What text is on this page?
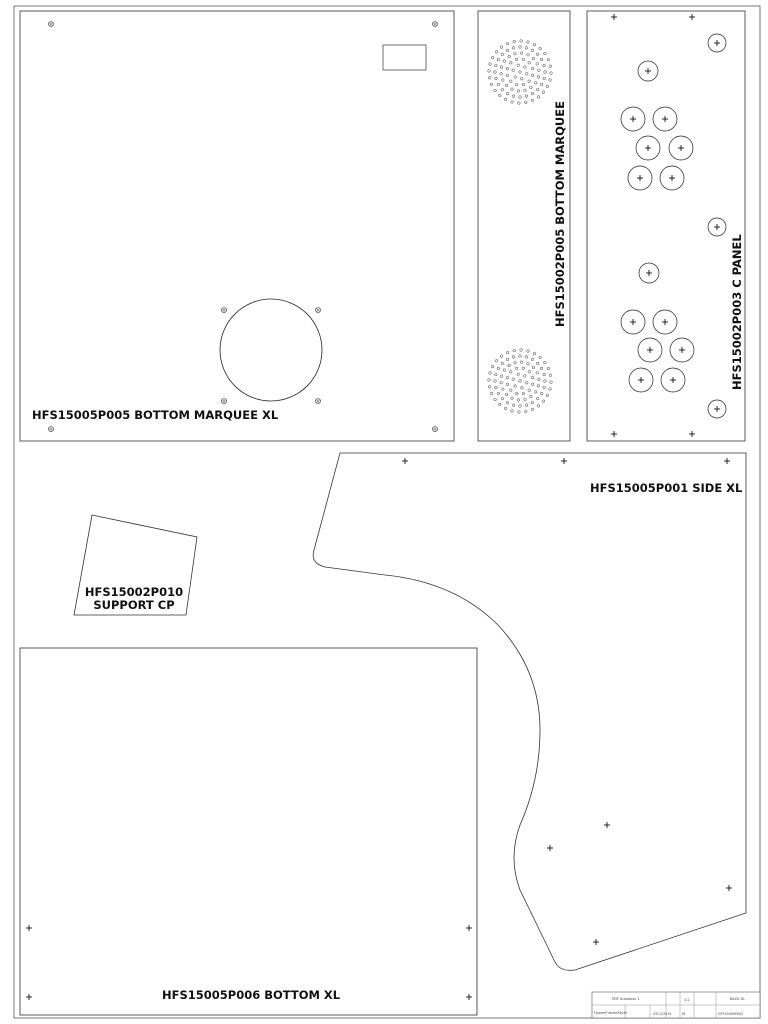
HFS15005P005 BOTTOM MARQUEE XL
HFS15002P005 BOTTOM MARQUEE	HFS15002P003 C PANEL
HFS15005P001 SIDE XL
HFS15002P010
SUPPORT CP
HFS15005P006 BOTTOM XL	PDF Autodesk 1	1:2	BACK XL
HyperFrameStyle	03/11/2015	JR	HFS15005P002
